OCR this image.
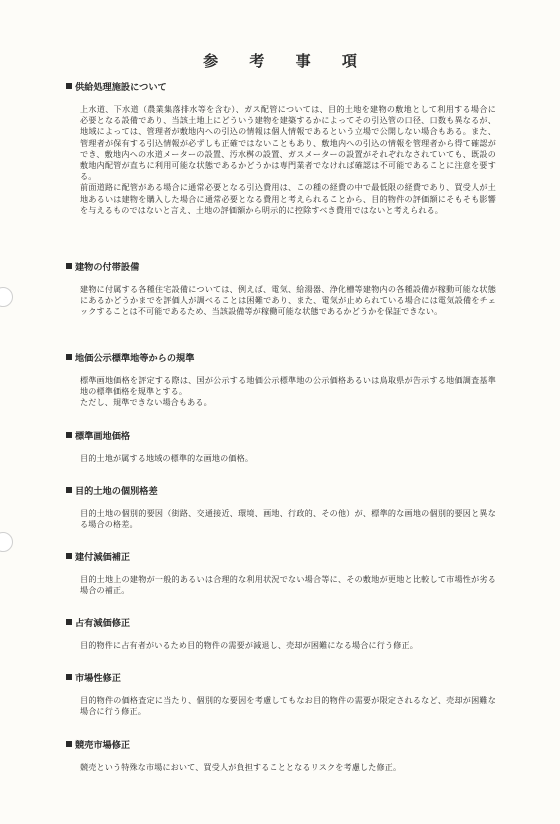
参 考 事 項
供給処理施設について
上水道、下水道（農業集落排水等を含む）、ガス配管については、目的土地を建物の敷地として利用する場合に必要となる設備であり、当該土地上にどういう建物を建築するかによってその引込管の口径、口数も異なるが、地域によっては、管理者が敷地内への引込の情報は個人情報であるという立場で公開しない場合もある。また、管理者が保有する引込情報が必ずしも正確ではないこともあり、敷地内への引込の情報を管理者から得て確認ができ、敷地内への水道メーターの設置、汚水桝の設置、ガスメーターの設置がそれぞれなされていても、既設の敷地内配管が直ちに利用可能な状態であるかどうかは専門業者でなければ確認は不可能であることに注意を要する。
前面道路に配管がある場合に通常必要となる引込費用は、この種の経費の中で最低限の経費であり、買受人が土地あるいは建物を購入した場合に通常必要となる費用と考えられることから、目的物件の評価額にそもそも影響を与えるものではないと言え、土地の評価額から明示的に控除すべき費用ではないと考えられる。
建物の付帯設備
建物に付属する各種住宅設備については、例えば、電気、給湯器、浄化槽等建物内の各種設備が稼動可能な状態にあるかどうかまでを評価人が調べることは困難であり、また、電気が止められている場合には電気設備をチェックすることは不可能であるため、当該設備等が稼働可能な状態であるかどうかを保証できない。
地価公示標準地等からの規準
標準画地価格を評定する際は、国が公示する地価公示標準地の公示価格あるいは鳥取県が告示する地価調査基準地の標準価格を規準とする。
ただし、規準できない場合もある。
標準画地価格
目的土地が属する地域の標準的な画地の価格。
目的土地の個別格差
目的土地の個別的要因（街路、交通接近、環境、画地、行政的、その他）が、標準的な画地の個別的要因と異なる場合の格差。
建付減価補正
目的土地上の建物が一般的あるいは合理的な利用状況でない場合等に、その敷地が更地と比較して市場性が劣る場合の補正。
占有減価修正
目的物件に占有者がいるため目的物件の需要が減退し、売却が困難になる場合に行う修正。
市場性修正
目的物件の価格査定に当たり、個別的な要因を考慮してもなお目的物件の需要が限定されるなど、売却が困難な場合に行う修正。
競売市場修正
競売という特殊な市場において、買受人が負担することとなるリスクを考慮した修正。
